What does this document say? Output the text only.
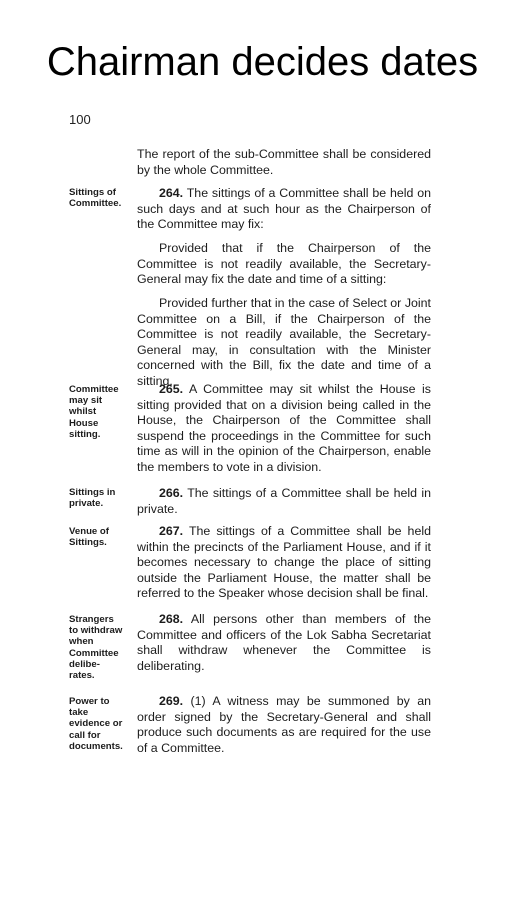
Chairman decides dates
100
The report of the sub-Committee shall be considered by the whole Committee.
Sittings of Committee.
264. The sittings of a Committee shall be held on such days and at such hour as the Chairperson of the Committee may fix:
Provided that if the Chairperson of the Committee is not readily available, the Secretary-General may fix the date and time of a sitting:
Provided further that in the case of Select or Joint Committee on a Bill, if the Chairperson of the Committee is not readily available, the Secretary-General may, in consultation with the Minister concerned with the Bill, fix the date and time of a sitting.
Committee may sit whilst House sitting.
265. A Committee may sit whilst the House is sitting provided that on a division being called in the House, the Chairperson of the Committee shall suspend the proceedings in the Committee for such time as will in the opinion of the Chairperson, enable the members to vote in a division.
Sittings in private.
266. The sittings of a Committee shall be held in private.
Venue of Sittings.
267. The sittings of a Committee shall be held within the precincts of the Parliament House, and if it becomes necessary to change the place of sitting outside the Parliament House, the matter shall be referred to the Speaker whose decision shall be final.
Strangers to withdraw when Committee delibe-rates.
268. All persons other than members of the Committee and officers of the Lok Sabha Secretariat shall withdraw whenever the Committee is deliberating.
Power to take evidence or call for documents.
269. (1) A witness may be summoned by an order signed by the Secretary-General and shall produce such documents as are required for the use of a Committee.
